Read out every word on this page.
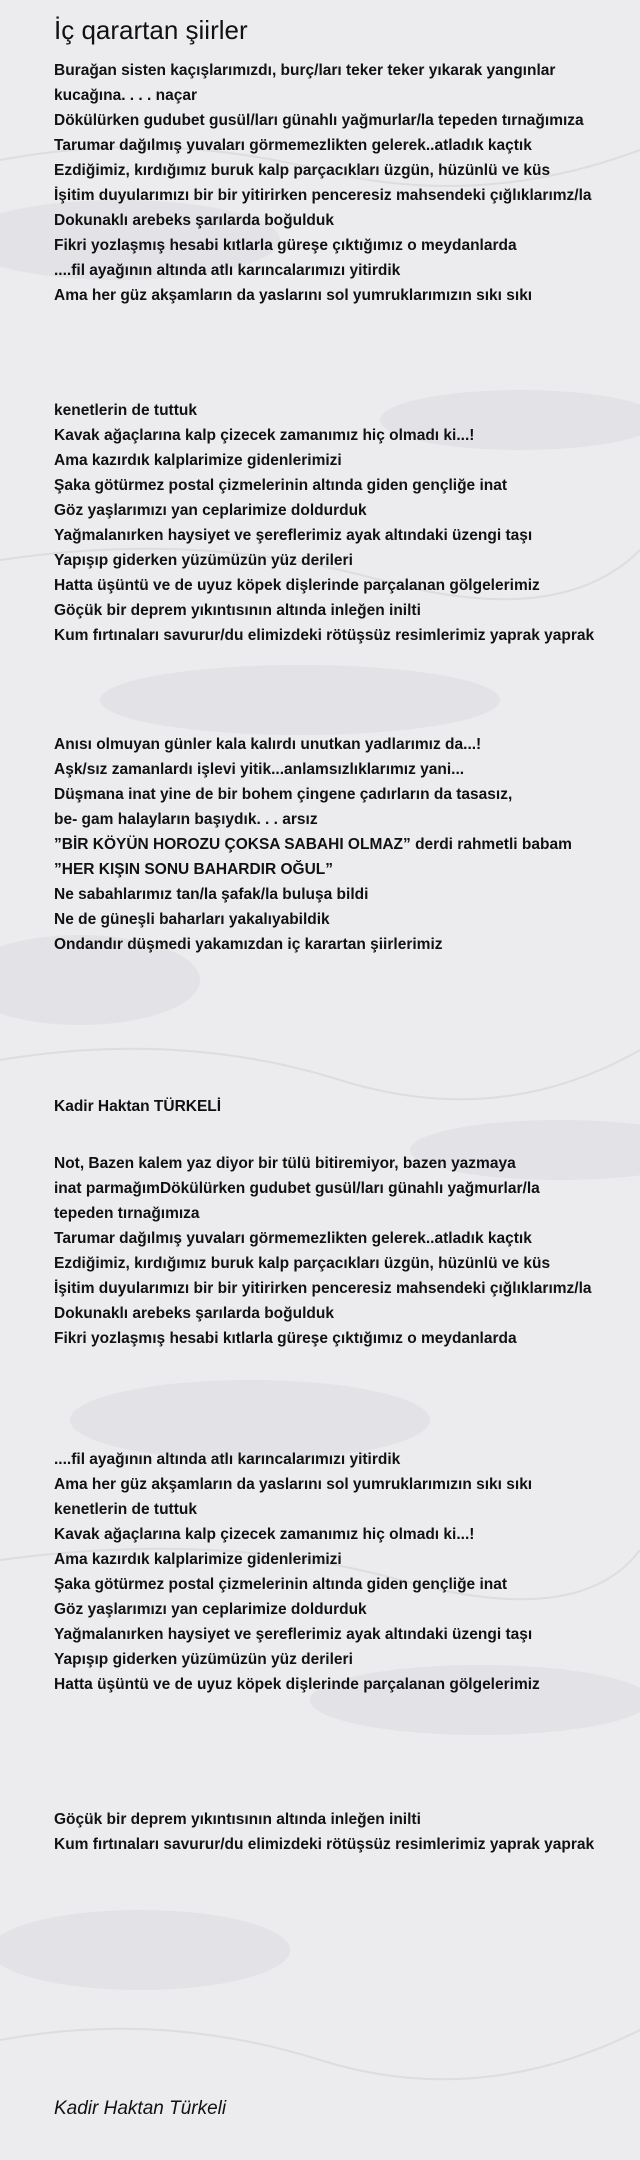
İç qarartan şiirler
Burağan sisten kaçışlarımızdı, burç/ları teker teker yıkarak yangınlar
kucağına. . . . naçar
Dökülürken gudubet gusül/ları günahlı yağmurlar/la tepeden tırnağımıza
Tarumar dağılmış yuvaları görmemezlikten gelerek..atladık kaçtık
Ezdiğimiz, kırdığımız buruk kalp parçacıkları üzgün, hüzünlü ve küs
İşitim duyularımızı bir bir yitirirken penceresiz mahsendeki çığlıklarımz/la
Dokunaklı arebeks şarılarda boğulduk
Fikri yozlaşmış hesabi kıtlarla güreşe çıktığımız o meydanlarda
....fil ayağının altında atlı karıncalarımızı yitirdik
Ama her güz akşamların da yaslarını sol yumruklarımızın sıkı sıkı
kenetlerin de tuttuk
Kavak ağaçlarına kalp çizecek zamanımız hiç olmadı ki...!
Ama kazırdık kalplarimize gidenlerimizi
Şaka götürmez postal çizmelerinin altında giden gençliğe inat
Göz yaşlarımızı yan ceplarimize doldurduk
Yağmalanırken haysiyet ve şereflerimiz ayak altındaki üzengi taşı
Yapışıp giderken yüzümüzün yüz derileri
Hatta üşüntü ve de uyuz köpek dişlerinde parçalanan gölgelerimiz
Göçük bir deprem yıkıntısının altında inleğen inilti
Kum fırtınaları savurur/du elimizdeki rötüşsüz resimlerimiz yaprak yaprak
Anısı olmuyan günler kala kalırdı unutkan yadlarımız da...!
Aşk/sız zamanlardı işlevi yitik...anlamsızlıklarımız yani...
Düşmana inat yine de bir bohem çingene çadırların da tasasız,
be- gam halayların başıydık. . . arsız
”BİR KÖYÜN HOROZU ÇOKSA SABAHI OLMAZ” derdi rahmetli babam
”HER KIŞIN SONU BAHARDIR OĞUL”
Ne sabahlarımız tan/la şafak/la buluşa bildi
Ne de güneşli baharları yakalıyabildik
Ondandır düşmedi yakamızdan iç karartan şiirlerimiz
Kadir Haktan TÜRKELİ
Not, Bazen kalem yaz diyor bir tülü bitiremiyor, bazen yazmaya
inat parmağımDökülürken gudubet gusül/ları günahlı yağmurlar/la
tepeden tırnağımıza
Tarumar dağılmış yuvaları görmemezlikten gelerek..atladık kaçtık
Ezdiğimiz, kırdığımız buruk kalp parçacıkları üzgün, hüzünlü ve küs
İşitim duyularımızı bir bir yitirirken penceresiz mahsendeki çığlıklarımz/la
Dokunaklı arebeks şarılarda boğulduk
Fikri yozlaşmış hesabi kıtlarla güreşe çıktığımız o meydanlarda
....fil ayağının altında atlı karıncalarımızı yitirdik
Ama her güz akşamların da yaslarını sol yumruklarımızın sıkı sıkı
kenetlerin de tuttuk
Kavak ağaçlarına kalp çizecek zamanımız hiç olmadı ki...!
Ama kazırdık kalplarimize gidenlerimizi
Şaka götürmez postal çizmelerinin altında giden gençliğe inat
Göz yaşlarımızı yan ceplarimize doldurduk
Yağmalanırken haysiyet ve şereflerimiz ayak altındaki üzengi taşı
Yapışıp giderken yüzümüzün yüz derileri
Hatta üşüntü ve de uyuz köpek dişlerinde parçalanan gölgelerimiz
Göçük bir deprem yıkıntısının altında inleğen inilti
Kum fırtınaları savurur/du elimizdeki rötüşsüz resimlerimiz yaprak yaprak
Kadir Haktan Türkeli
